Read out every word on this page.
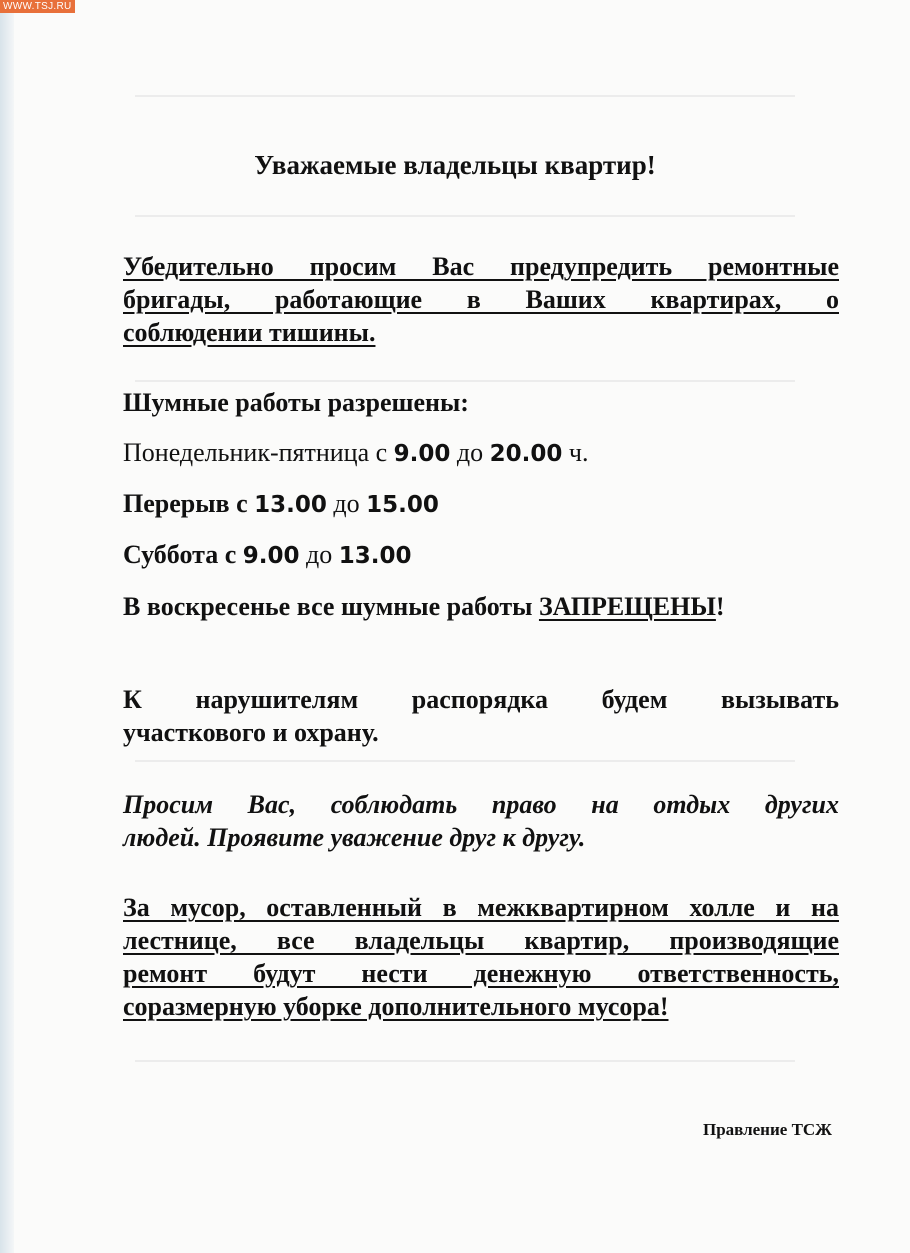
WWW.TSJ.RU
Уважаемые владельцы квартир!
Убедительно просим Вас предупредить ремонтные
бригады, работающие в Ваших квартирах, о
соблюдении тишины.
Шумные работы разрешены:
Понедельник-пятница с 9.00 до 20.00 ч.
Перерыв с 13.00 до 15.00
Суббота с 9.00 до 13.00
В воскресенье все шумные работы ЗАПРЕЩЕНЫ!
К нарушителям распорядка будем вызывать
участкового и охрану.
Просим Вас, соблюдать право на отдых других
людей. Проявите уважение друг к другу.
За мусор, оставленный в межквартирном холле и на
лестнице, все владельцы квартир, производящие
ремонт будут нести денежную ответственность,
соразмерную уборке дополнительного мусора!
Правление ТСЖ
